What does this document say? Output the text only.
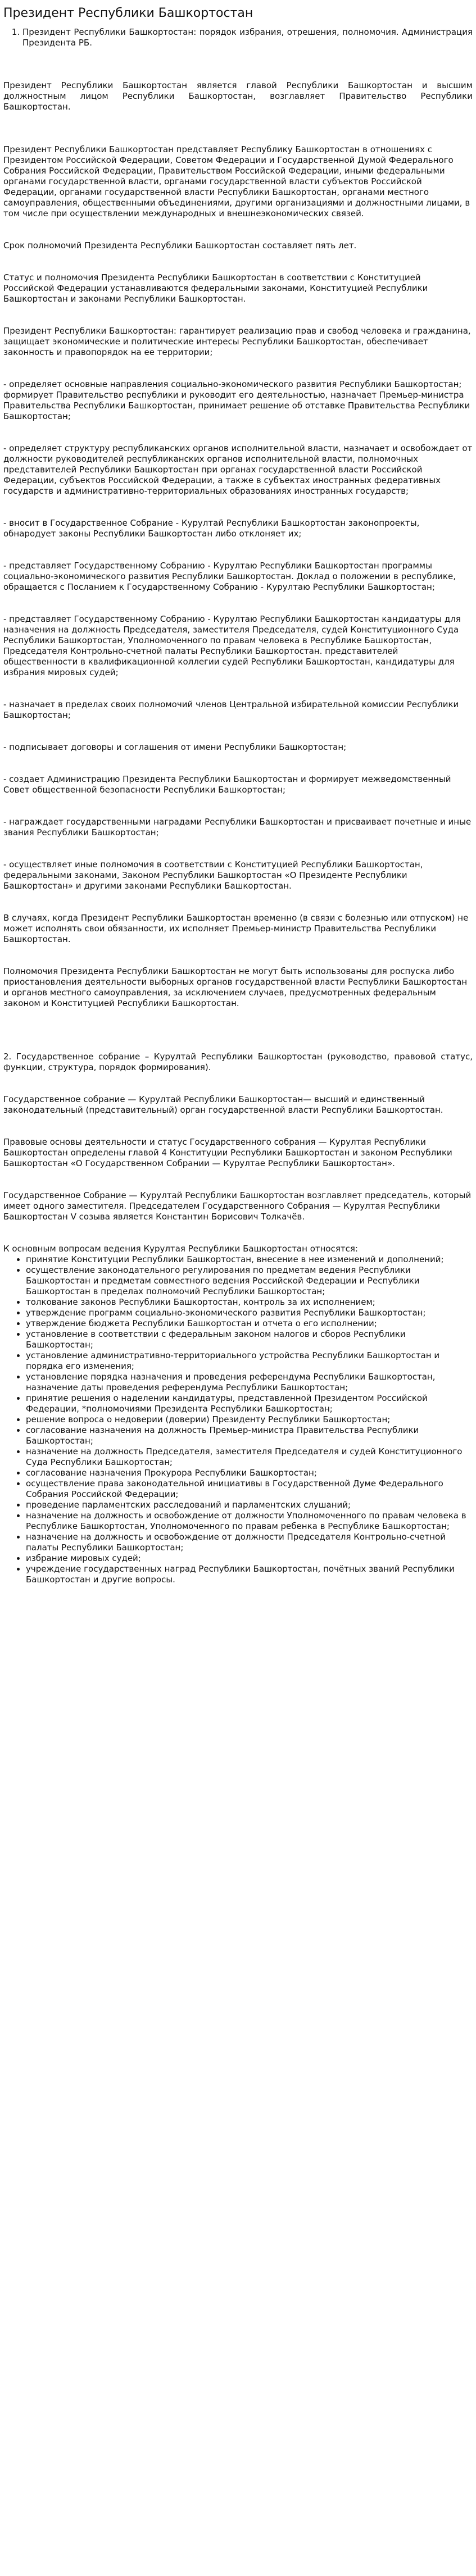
Президент Республики Башкортостан
1. Президент Республики Башкортостан: порядок избрания, отрешения, полномочия. Администрация Президента РБ.

Президент Республики Башкортостан является главой Республики Башкортостан и высшим должностным лицом Республики Башкортостан, возглавляет Правительство Республики Башкортостан.

Президент Республики Башкортостан представляет Республику Башкортостан в отношениях с Президентом Российской Федерации, Советом Федерации и Государственной Думой Федерального Собрания Российской Федерации, Правительством Российской Федерации, иными федеральными органами государственной власти, органами государственной власти субъектов Российской Федерации, органами государственной власти Республики Башкортостан, органами местного самоуправления, общественными объединениями, другими организациями и должностными лицами, в том числе при осуществлении международных и внешнеэкономических связей.

Срок полномочий Президента Республики Башкортостан составляет пять лет.

Статус и полномочия Президента Республики Башкортостан в соответствии с Конституцией Российской Федерации устанавливаются федеральными законами, Конституцией Республики Башкортостан и законами Республики Башкортостан.

Президент Республики Башкортостан: гарантирует реализацию прав и свобод человека и гражданина, защищает экономические и политические интересы Республики Башкортостан, обеспечивает законность и правопорядок на ее территории;

- определяет основные направления социально-экономического развития Республики Башкортостан; формирует Правительство республики и руководит его деятельностью, назначает Премьер-министра Правительства Республики Башкортостан, принимает решение об отставке Правительства Республики Башкортостан;

- определяет структуру республиканских органов исполнительной власти, назначает и освобождает от должности руководителей республиканских органов исполнительной власти, полномочных представителей Республики Башкортостан при органах государственной власти Российской Федерации, субъектов Российской Федерации, а также в субъектах иностранных федеративных государств и административно-территориальных образованиях иностранных государств;

- вносит в Государственное Собрание - Курултай Республики Башкортостан законопроекты, обнародует законы Республики Башкортостан либо отклоняет их;

- представляет Государственному Собранию - Курултаю Республики Башкортостан программы социально-экономического развития Республики Башкортостан. Доклад о положении в республике, обращается с Посланием к Государственному Собранию - Курултаю Республики Башкортостан;

- представляет Государственному Собранию - Курултаю Республики Башкортостан кандидатуры для назначения на должность Председателя, заместителя Председателя, судей Конституционного Суда Республики Башкортостан, Уполномоченного по правам человека в Республике Башкортостан, Председателя Контрольно-счетной палаты Республики Башкортостан. представителей общественности в квалификационной коллегии судей Республики Башкортостан, кандидатуры для избрания мировых судей;

- назначает в пределах своих полномочий членов Центральной избирательной комиссии Республики Башкортостан;

- подписывает договоры и соглашения от имени Республики Башкортостан;

- создает Администрацию Президента Республики Башкортостан и формирует межведомственный Совет общественной безопасности Республики Башкортостан;

- награждает государственными наградами Республики Башкортостан и присваивает почетные и иные звания Республики Башкортостан;

- осуществляет иные полномочия в соответствии с Конституцией Республики Башкортостан, федеральными законами, Законом Республики Башкортостан «О Президенте Республики Башкортостан» и другими законами Республики Башкортостан.

В случаях, когда Президент Республики Башкортостан временно (в связи с болезнью или отпуском) не может исполнять свои обязанности, их исполняет Премьер-министр Правительства Республики Башкортостан.

Полномочия Президента Республики Башкортостан не могут быть использованы для роспуска либо приостановления деятельности выборных органов государственной власти Республики Башкортостан и органов местного самоуправления, за исключением случаев, предусмотренных федеральным законом и Конституцией Республики Башкортостан.

2. Государственное собрание – Курултай Республики Башкортостан (руководство, правовой статус, функции, структура, порядок формирования).

Государственное собрание — Курултай Республики Башкортостан— высший и единственный законодательный (представительный) орган государственной власти Республики Башкортостан.

Правовые основы деятельности и статус Государственного собрания — Курултая Республики Башкортостан определены главой 4 Конституции Республики Башкортостан и законом Республики Башкортостан «О Государственном Собрании — Курултае Республики Башкортостан».

Государственное Собрание — Курултай Республики Башкортостан возглавляет председатель, который имеет одного заместителя. Председателем Государственного Собрания — Курултая Республики Башкортостан V созыва является Константин Борисович Толкачёв.

К основным вопросам ведения Курултая Республики Башкортостан относятся:

• принятие Конституции Республики Башкортостан, внесение в нее изменений и дополнений;
• осуществление законодательного регулирования по предметам ведения Республики Башкортостан и предметам совместного ведения Российской Федерации и Республики Башкортостан в пределах полномочий Республики Башкортостан;
• толкование законов Республики Башкортостан, контроль за их исполнением;
• утверждение программ социально-экономического развития Республики Башкортостан;
• утверждение бюджета Республики Башкортостан и отчета о его исполнении;
• установление в соответствии с федеральным законом налогов и сборов Республики Башкортостан;
• установление административно-территориального устройства Республики Башкортостан и порядка его изменения;
• установление порядка назначения и проведения референдума Республики Башкортостан, назначение даты проведения референдума Республики Башкортостан;
• принятие решения о наделении кандидатуры, представленной Президентом Российской Федерации, *полномочиями Президента Республики Башкортостан;
• решение вопроса о недоверии (доверии) Президенту Республики Башкортостан;
• согласование назначения на должность Премьер-министра Правительства Республики Башкортостан;
• назначение на должность Председателя, заместителя Председателя и судей Конституционного Суда Республики Башкортостан;
• согласование назначения Прокурора Республики Башкортостан;
• осуществление права законодательной инициативы в Государственной Думе Федерального Собрания Российской Федерации;
• проведение парламентских расследований и парламентских слушаний;
• назначение на должность и освобождение от должности Уполномоченного по правам человека в Республике Башкортостан, Уполномоченного по правам ребенка в Республике Башкортостан;
• назначение на должность и освобождение от должности Председателя Контрольно-счетной палаты Республики Башкортостан;
• избрание мировых судей;
• учреждение государственных наград Республики Башкортостан, почётных званий Республики Башкортостан и другие вопросы.
